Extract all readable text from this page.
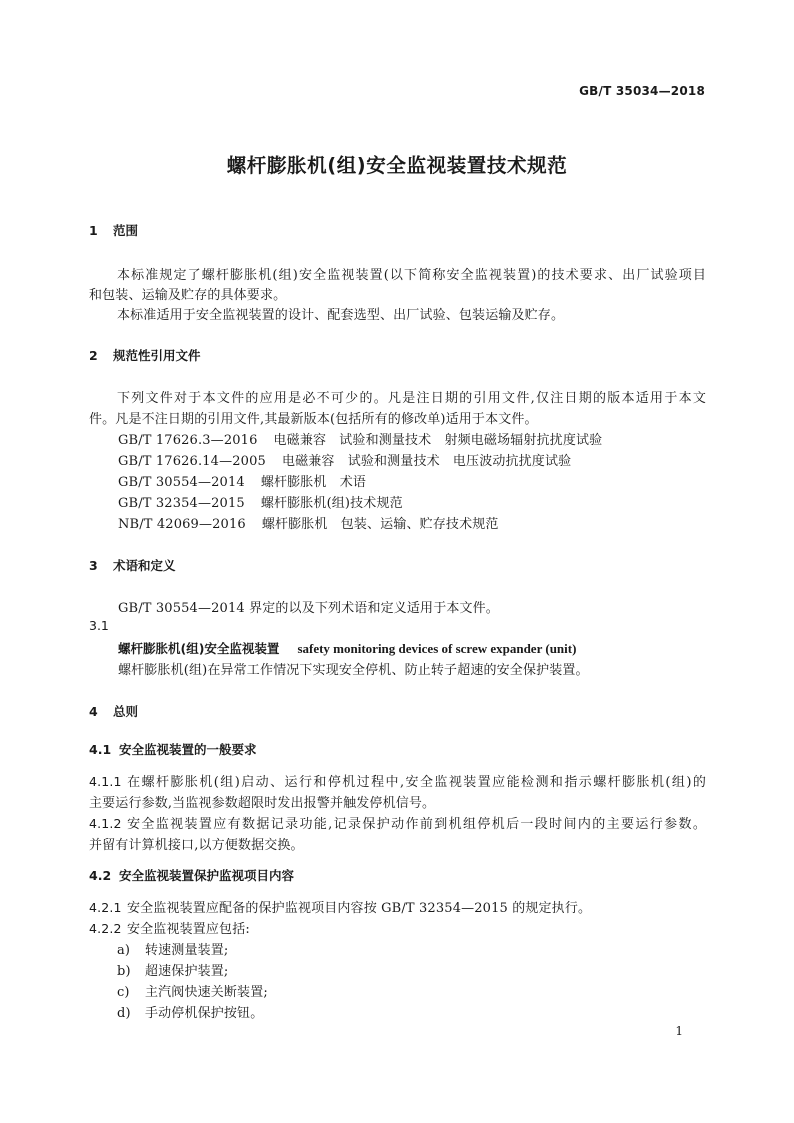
GB/T 35034—2018
螺杆膨胀机(组)安全监视装置技术规范
1 范围
本标准规定了螺杆膨胀机(组)安全监视装置(以下简称安全监视装置)的技术要求、出厂试验项目
和包装、运输及贮存的具体要求。
本标准适用于安全监视装置的设计、配套选型、出厂试验、包装运输及贮存。
2 规范性引用文件
下列文件对于本文件的应用是必不可少的。凡是注日期的引用文件,仅注日期的版本适用于本文
件。凡是不注日期的引用文件,其最新版本(包括所有的修改单)适用于本文件。
GB/T 17626.3—2016 电磁兼容　试验和测量技术　射频电磁场辐射抗扰度试验
GB/T 17626.14—2005 电磁兼容　试验和测量技术　电压波动抗扰度试验
GB/T 30554—2014 螺杆膨胀机　术语
GB/T 32354—2015 螺杆膨胀机(组)技术规范
NB/T 42069—2016 螺杆膨胀机　包装、运输、贮存技术规范
3 术语和定义
GB/T 30554—2014 界定的以及下列术语和定义适用于本文件。
3.1
螺杆膨胀机(组)安全监视装置 safety monitoring devices of screw expander (unit)
螺杆膨胀机(组)在异常工作情况下实现安全停机、防止转子超速的安全保护装置。
4 总则
4.1 安全监视装置的一般要求
4.1.1 在螺杆膨胀机(组)启动、运行和停机过程中,安全监视装置应能检测和指示螺杆膨胀机(组)的
主要运行参数,当监视参数超限时发出报警并触发停机信号。
4.1.2 安全监视装置应有数据记录功能,记录保护动作前到机组停机后一段时间内的主要运行参数。
并留有计算机接口,以方便数据交换。
4.2 安全监视装置保护监视项目内容
4.2.1 安全监视装置应配备的保护监视项目内容按 GB/T 32354—2015 的规定执行。
4.2.2 安全监视装置应包括:
a) 转速测量装置;
b) 超速保护装置;
c) 主汽阀快速关断装置;
d) 手动停机保护按钮。
1
